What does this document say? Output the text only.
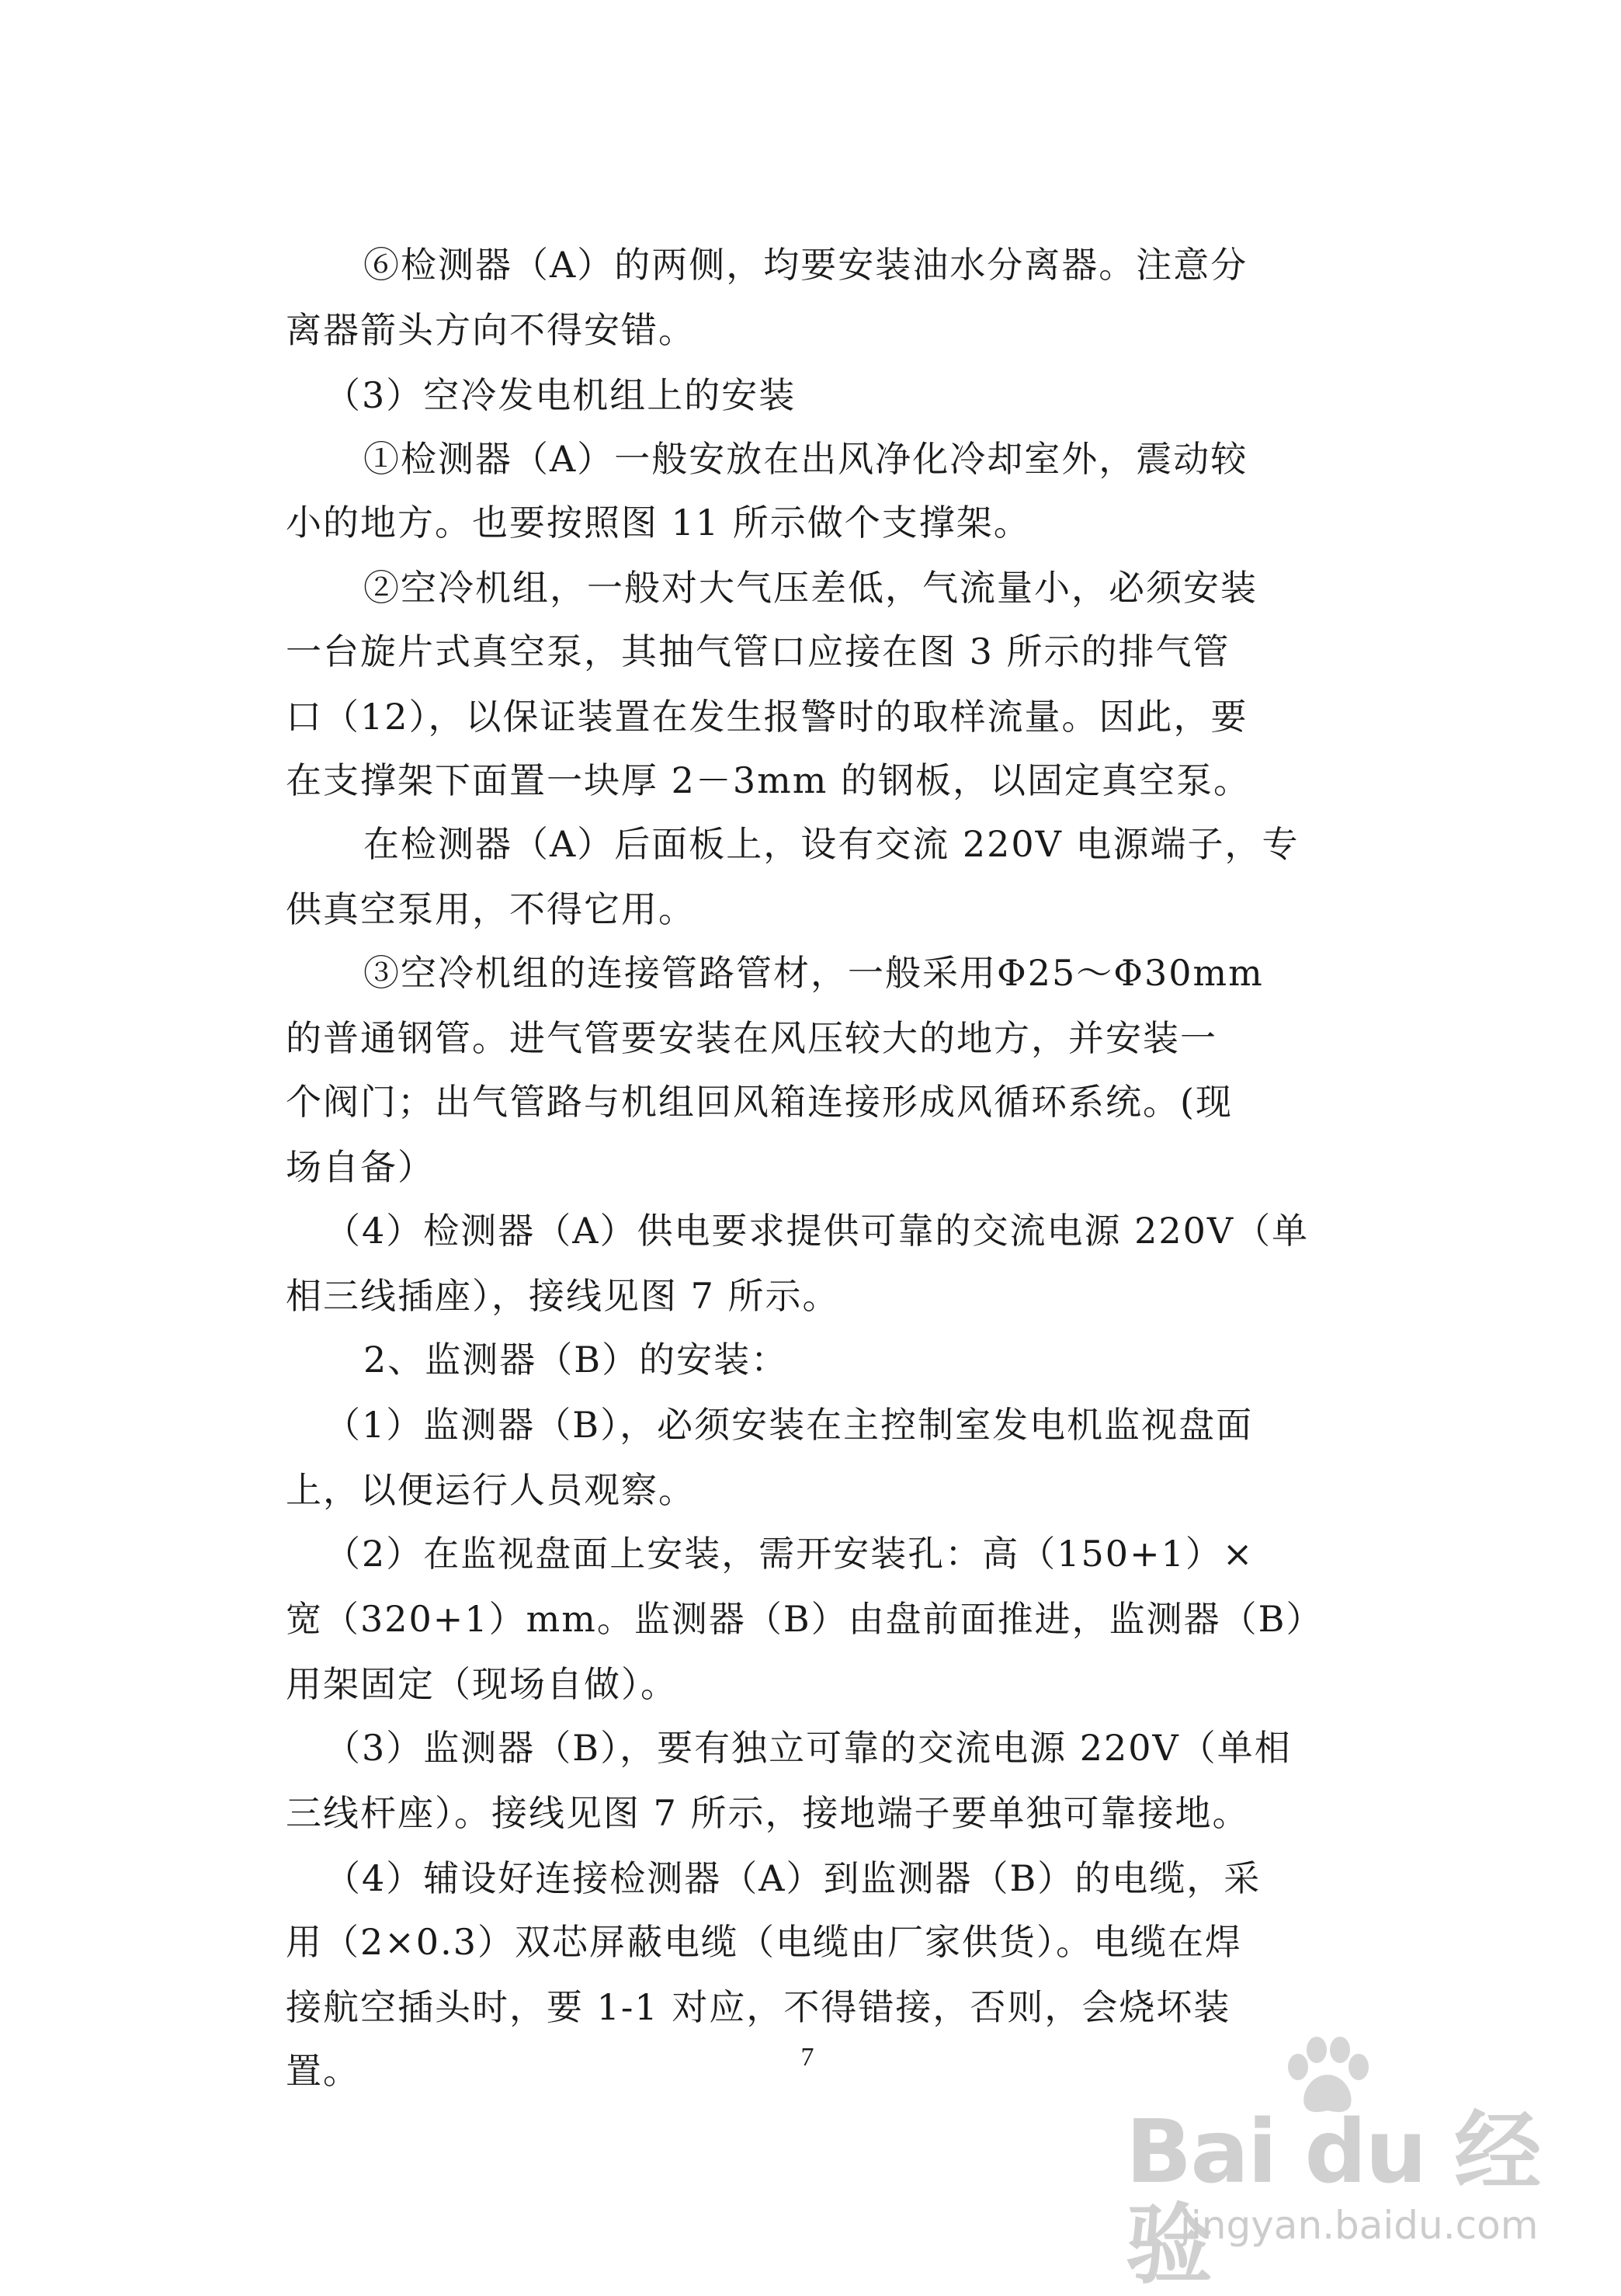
⑥检测器（A）的两侧，均要安装油水分离器。注意分
离器箭头方向不得安错。
（3）空冷发电机组上的安装
①检测器（A）一般安放在出风净化冷却室外，震动较
小的地方。也要按照图 11 所示做个支撑架。
②空冷机组，一般对大气压差低，气流量小，必须安装
一台旋片式真空泵，其抽气管口应接在图 3 所示的排气管
口（12），以保证装置在发生报警时的取样流量。因此，要
在支撑架下面置一块厚 2－3mm 的钢板，以固定真空泵。
在检测器（A）后面板上，设有交流 220V 电源端子，专
供真空泵用，不得它用。
③空冷机组的连接管路管材，一般采用Φ25～Φ30mm
的普通钢管。进气管要安装在风压较大的地方，并安装一
个阀门；出气管路与机组回风箱连接形成风循环系统。(现
场自备）
（4）检测器（A）供电要求提供可靠的交流电源 220V（单
相三线插座），接线见图 7 所示。
2、监测器（B）的安装：
（1）监测器（B），必须安装在主控制室发电机监视盘面
上，以便运行人员观察。
（2）在监视盘面上安装，需开安装孔：高（150+1）×
宽（320+1）mm。监测器（B）由盘前面推进，监测器（B）
用架固定（现场自做）。
（3）监测器（B），要有独立可靠的交流电源 220V（单相
三线杆座）。接线见图 7 所示，接地端子要单独可靠接地。
（4）辅设好连接检测器（A）到监测器（B）的电缆，采
用（2×0.3）双芯屏蔽电缆（电缆由厂家供货）。电缆在焊
接航空插头时，要 1-1 对应，不得错接，否则，会烧坏装
置。	7
Bai du 经验
jingyan.baidu.com
